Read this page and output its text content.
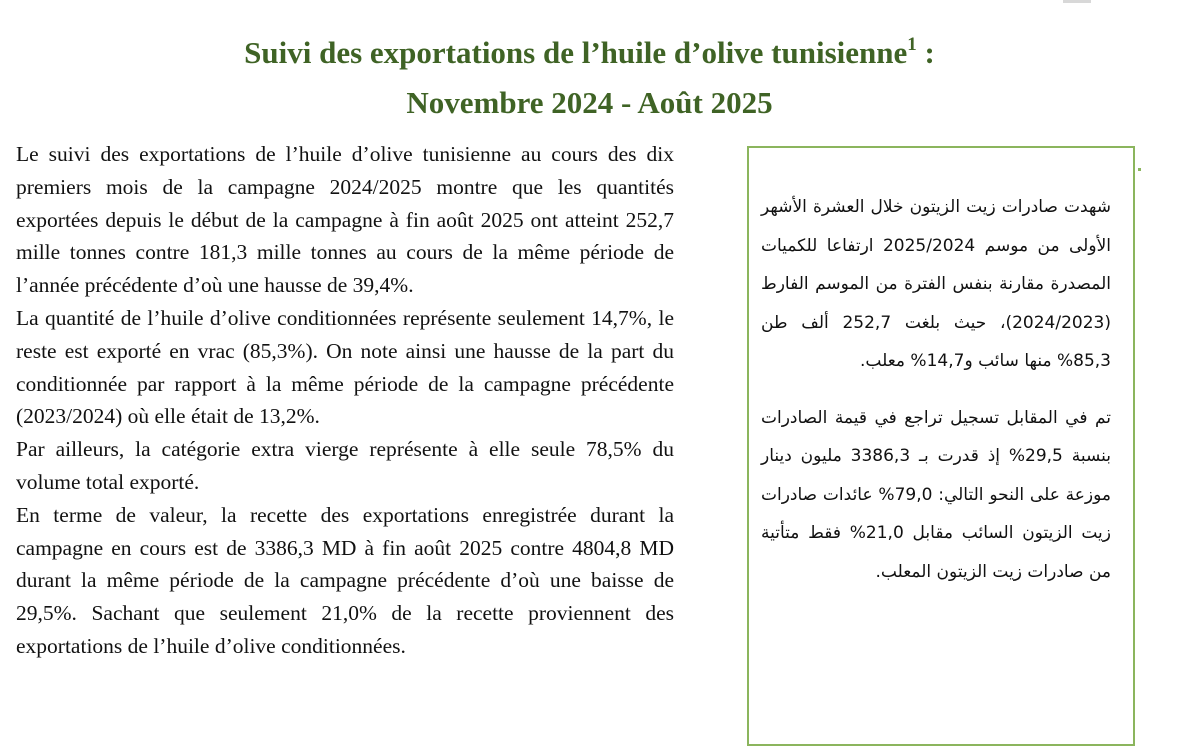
Suivi des exportations de l’huile d’olive tunisienne$^1$ :
Novembre 2024 - Août 2025

Le suivi des exportations de l’huile d’olive tunisienne au cours des dix premiers mois de la campagne 2024/2025 montre que les quantités exportées depuis le début de la campagne à fin août 2025 ont atteint 252,7 mille tonnes contre 181,3 mille tonnes au cours de la même période de l’année précédente d’où une hausse de 39,4%.

La quantité de l’huile d’olive conditionnées représente seulement 14,7%, le reste est exporté en vrac (85,3%). On note ainsi une hausse de la part du conditionnée par rapport à la même période de la campagne précédente (2023/2024) où elle était de 13,2%.

Par ailleurs, la catégorie extra vierge représente à elle seule 78,5% du volume total exporté.

En terme de valeur, la recette des exportations enregistrée durant la campagne en cours est de 3386,3 MD à fin août 2025 contre 4804,8 MD durant la même période de la campagne précédente d’où une baisse de 29,5%. Sachant que seulement 21,0% de la recette proviennent des exportations de l’huile d’olive conditionnées.

شهدت صادرات زيت الزيتون خلال العشرة الأشهر الأولى من موسم 2025/2024 ارتفاعا للكميات المصدرة مقارنة بنفس الفترة من الموسم الفارط (2024/2023)، حيث بلغت 252,7 ألف طن 85,3% منها سائب و14,7% معلب.

تم في المقابل تسجيل تراجع في قيمة الصادرات بنسبة 29,5% إذ قدرت بـ 3386,3 مليون دينار موزعة على النحو التالي: 79,0% عائدات صادرات زيت الزيتون السائب مقابل 21,0% فقط متأتية من صادرات زيت الزيتون المعلب.
